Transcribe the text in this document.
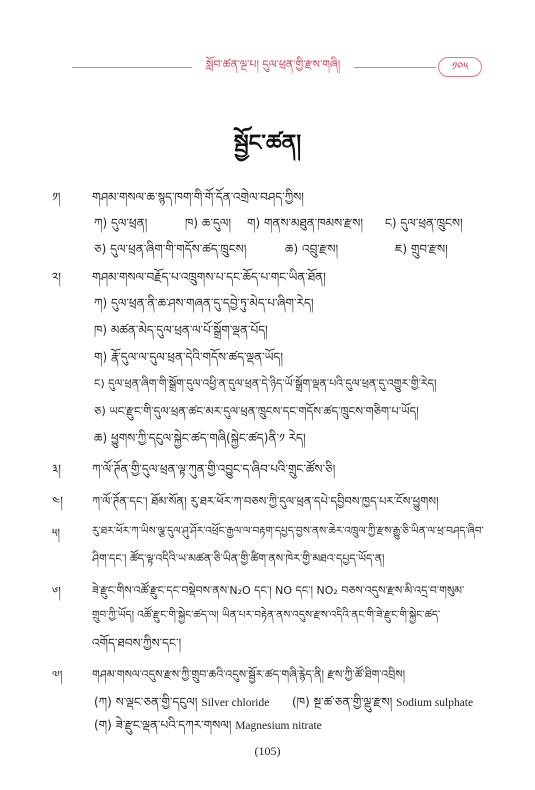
སློབ་ཚན་ལྔ་པ། དུལ་ཕྲན་གྱི་རྫས་གཞི།	༡༠༥
སྦྱོང་ཚན།
༡།	གཤམ་གསལ་ཆ་སྙད་ཁག་གི་གོ་དོན་འགྲེལ་བཤད་ཀྱིས།
ཀ) དུལ་ཕྲན།	ཁ) ཆ་དུལ། ག) གནས་མཐུན་ཁམས་རྫས། ང) དུལ་ཕྲན་ཁྲུངས།
ཅ) དུལ་ཕྲན་ཞིག་གི་གདོས་ཚད་ཁྲུངས།	ཆ) འབྲུ་རྫས།	ཇ) གྲུབ་རྫས།
༢།	གཤམ་གསལ་བརྗོད་པ་འཁྲུགས་པ་དང་ཆོད་པ་གང་ཡིན་ཐོན།
ཀ) དུལ་ཕྲན་ནི་ཆ་ཤས་གཞན་དུ་དབྱེ་ཏུ་མེད་པ་ཞིག་རེད།
ཁ) མཚན་མེད་དུལ་ཕྲན་ལ་པོ་སྒྲོག་ལྡན་པོད།
ག) རྣོ་དུལ་ལ་དུལ་ཕྲན་དེའི་གདོས་ཚད་ལྡན་ཡོད།
ང) དུལ་ཕྲན་ཞིག་གི་སྒྲོག་དུལ་འཕྱི་ན་དུལ་ཕྲན་དེ་ཉིད་ཡོ་སྒྲོག་ལྡན་པའི་དུལ་ཕྲན་དུ་འགྱུར་གྱི་རེད།
ཅ) ཡང་རྫུང་གི་དུལ་ཕྲན་ཚང་མར་དུལ་ཕྲན་ཁྲུངས་དང་གདོས་ཚད་ཁྲུངས་གཅིག་པ་ཡོད།
ཆ) ཕྱུགས་ཀྱི་དངུལ་སྐྱེང་ཚད་གཞི(སྐྱེང་ཚད)ནི་༡ རེད།
༣།	ཀ་ལོ་ཊོན་གྱི་དུལ་ཕྲན་ལྟ་ཀུན་གྱི་འབྱུང་ད་ཞིབ་པའི་གྲུང་ཚོས་ཅི།
༤།	ཀ་ལོ་ཊོན་དང་། ཐོམ་སོན། རུ་ཐར་ཕོར་ཀ་བཅས་ཀྱི་དུལ་ཕྲན་དཔེ་དབྱིབས་ཁྱད་པར་ངོས་ཕྱུགས།
༥།	རུ་ཐར་ཕོར་ཀ་ཡིས་ལྕ་དུལ་ཤུ་ཤོར་འཕྲོང་རྒྱལ་ལ་བརྟག་དཔྱད་བྱས་ནས་ཆེར་འཁྲུལ་ཀྱི་རྫས་རྒྱུ་ཅི་ཡིན་ལ་ཕྲ་བཤད་ཞིབ་
ཤིག་དང་། ཚོད་ལྟ་འདིའི་ཡ་མཚན་ཅི་ཡིན་གྱི་ཚིག་ནས་ཁེར་གྱི་མཐའ་དཔྱད་ཡོད་ན།
༦།	ཟེ་རྫུང་གིས་འཚོ་རྫུང་དང་བསྡེབས་ནས་N₂O དང་། NO དང་། NO₂ བཅས་འདུས་རྫས་མི་འདྲ་བ་གསུམ་
གྲུབ་ཀྱི་ཡོད། འཚོ་རྫུང་གི་སྐྱེང་ཚད་ལ། ཡིན་པར་བརྟེན་ནས་འདུས་རྫས་འདིའི་ནང་གི་ཟེ་རྫུང་གི་སྐྱེང་ཚད་
འགོད་ཐབས་ཀྱིས་དང་།
༧།	གཤམ་གསལ་འདུས་རྫས་ཀྱི་གྲུབ་ཆའི་འདུས་སྦྱོར་ཚད་གཞི་རྙེད་ནི། རྫས་ཀྱི་ཚོ་ཐིག་འབྲིས།
(ཀ) ས་ལྡང་ཅན་གྱི་དངུལ། Silver chloride (ཁ) སྔ་ཚ་ཅན་གྱི་ལྡུ་རྫས། Sodium sulphate
(ག) ཟེ་རྫུང་ལྡན་པའི་དཀར་གསལ། Magnesium nitrate
(105)
